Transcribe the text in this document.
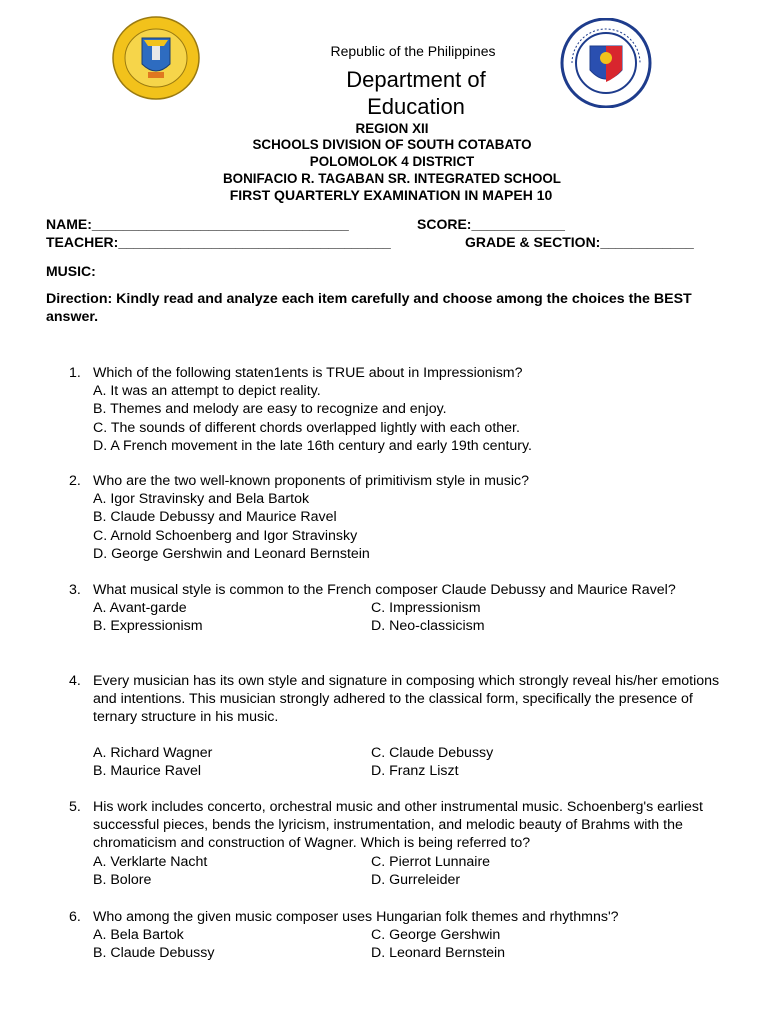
Republic of the Philippines
Department of
Education
REGION XII
SCHOOLS DIVISION OF SOUTH COTABATO
POLOMOLOK 4 DISTRICT
BONIFACIO R. TAGABAN SR. INTEGRATED SCHOOL
FIRST QUARTERLY EXAMINATION IN MAPEH 10
NAME:_________________________________	SCORE:____________
TEACHER:___________________________________	GRADE & SECTION:____________
MUSIC:
Direction: Kindly read and analyze each item carefully and choose among the choices the BEST answer.
1. Which of the following staten1ents is TRUE about in Impressionism?
A. It was an attempt to depict reality.
B. Themes and melody are easy to recognize and enjoy.
C. The sounds of different chords overlapped lightly with each other.
D. A French movement in the late 16th century and early 19th century.
2. Who are the two well-known proponents of primitivism style in music?
A. Igor Stravinsky and Bela Bartok
B. Claude Debussy and Maurice Ravel
C. Arnold Schoenberg and Igor Stravinsky
D. George Gershwin and Leonard Bernstein
3. What musical style is common to the French composer Claude Debussy and Maurice Ravel?
A. Avant-garde	C. Impressionism
B. Expressionism	D. Neo-classicism
4. Every musician has its own style and signature in composing which strongly reveal his/her emotions and intentions. This musician strongly adhered to the classical form, specifically the presence of ternary structure in his music.
A. Richard Wagner	C. Claude Debussy
B. Maurice Ravel	D. Franz Liszt
5. His work includes concerto, orchestral music and other instrumental music. Schoenberg's earliest successful pieces, bends the lyricism, instrumentation, and melodic beauty of Brahms with the chromaticism and construction of Wagner. Which is being referred to?
A. Verklarte Nacht	C. Pierrot Lunnaire
B. Bolore	D. Gurreleider
6. Who among the given music composer uses Hungarian folk themes and rhythmns'?
A. Bela Bartok	C. George Gershwin
B. Claude Debussy	D. Leonard Bernstein
